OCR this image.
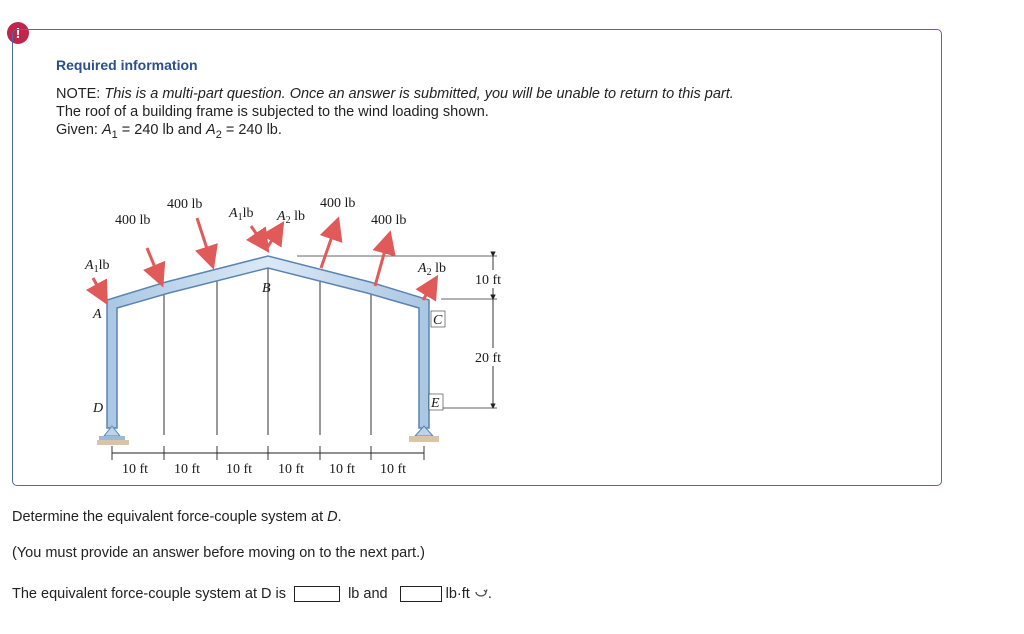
!
Required information
NOTE: This is a multi-part question. Once an answer is submitted, you will be unable to return to this part.
The roof of a building frame is subjected to the wind loading shown.
Given: $A_1 = 240$ lb and $A_2 = 240$ lb.
400 lb
400 lb
$A_1lb$ $A_2$ lb
400 lb
400 lb
$A_1lb$	$A_2$ lb
A
B
C
D	E
10 ft
20 ft
10 ft 10 ft 10 ft 10 ft 10 ft 10 ft
Determine the equivalent force-couple system at D.
(You must provide an answer before moving on to the next part.)
The equivalent force-couple system at D is	lb and	lb·ft .
